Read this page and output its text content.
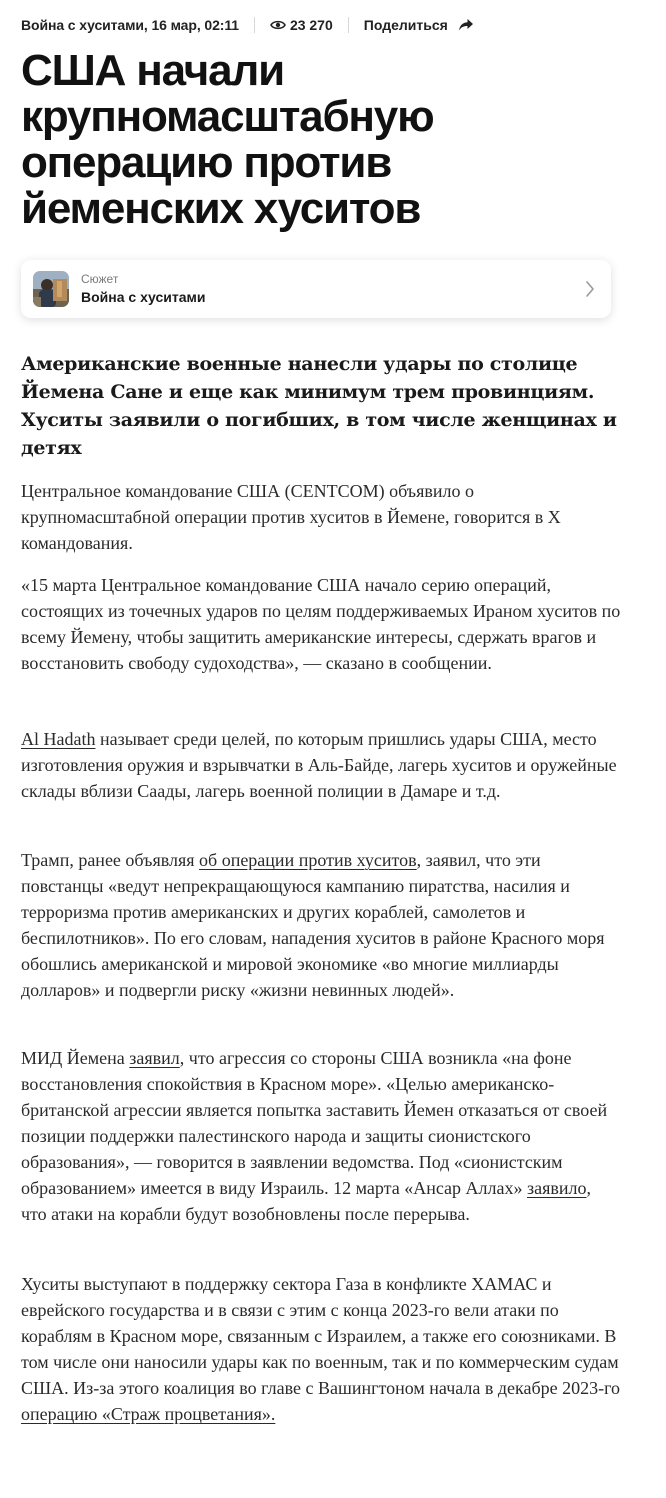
Война с хуситами, 16 мар, 02:11	23 270 Поделиться
США начали крупномасштабную операцию против йеменских хуситов
Сюжет
Война с хуситами

Американские военные нанесли удары по столице Йемена Сане и еще как минимум трем провинциям. Хуситы заявили о погибших, в том числе женщинах и детях

Центральное командование США (CENTCOM) объявило о крупномасштабной операции против хуситов в Йемене, говорится в X командования.

«15 марта Центральное командование США начало серию операций, состоящих из точечных ударов по целям поддерживаемых Ираном хуситов по всему Йемену, чтобы защитить американские интересы, сдержать врагов и восстановить свободу судоходства», — сказано в сообщении.

Al Hadath называет среди целей, по которым пришлись удары США, место изготовления оружия и взрывчатки в Аль-Байде, лагерь хуситов и оружейные склады вблизи Саады, лагерь военной полиции в Дамаре и т.д.

Трамп, ранее объявляя об операции против хуситов, заявил, что эти повстанцы «ведут непрекращающуюся кампанию пиратства, насилия и терроризма против американских и других кораблей, самолетов и беспилотников». По его словам, нападения хуситов в районе Красного моря обошлись американской и мировой экономике «во многие миллиарды долларов» и подвергли риску «жизни невинных людей».

МИД Йемена заявил, что агрессия со стороны США возникла «на фоне восстановления спокойствия в Красном море». «Целью американско-британской агрессии является попытка заставить Йемен отказаться от своей позиции поддержки палестинского народа и защиты сионистского образования», — говорится в заявлении ведомства. Под «сионистским образованием» имеется в виду Израиль. 12 марта «Ансар Аллах» заявило, что атаки на корабли будут возобновлены после перерыва.

Хуситы выступают в поддержку сектора Газа в конфликте ХАМАС и еврейского государства и в связи с этим с конца 2023-го вели атаки по кораблям в Красном море, связанным с Израилем, а также его союзниками. В том числе они наносили удары как по военным, так и по коммерческим судам США. Из-за этого коалиция во главе с Вашингтоном начала в декабре 2023-го операцию «Страж процветания».
